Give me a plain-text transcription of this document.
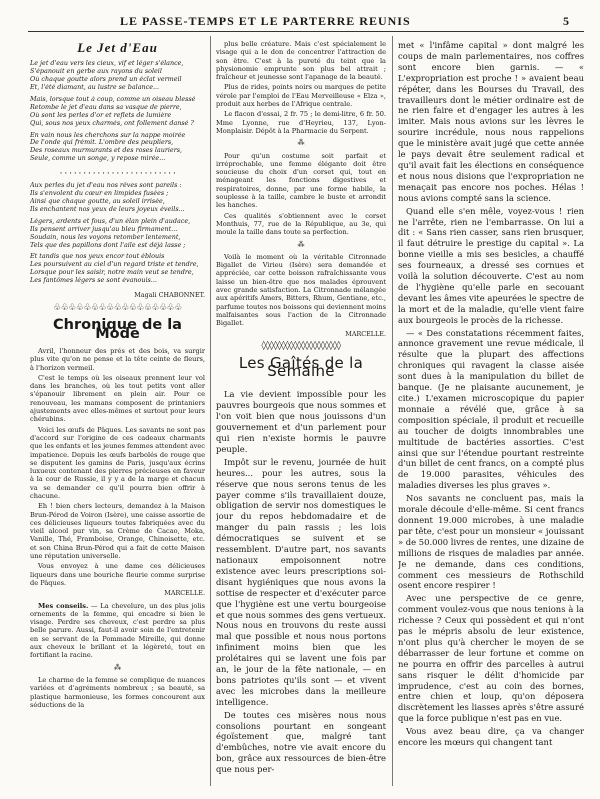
LE PASSE-TEMPS ET LE PARTERRE REUNIS	5
Le Jet d'Eau
Le jet d'eau vers les cieux, vif et léger s'élance,
S'épanouit en gerbe aux rayons du soleil
Où chaque goutte alors prend un éclat vermeil
Et, l'été diamant, au lustre se balance...
Mais, lorsque tout à coup, comme un oiseau blessé
Retombe le jet d'eau dans sa vasque de pierre,
Où sont les perles d'or et reflets de lumière
Qui, sous nos yeux charmés, ont follement dansé ?
En vain nous les cherchons sur la nappe moirée
De l'onde qui frémit. L'ombre des peupliers,
Des roseaux murmurants et des roses lauriers,
Seule, comme un songe, y repose mirée...
· · · · · · · · · · · · · · · · · · · · · · · · ·
Aux perles du jet d'eau nos rêves sont pareils :
Ils s'envolent du cœur en limpides fusées ;
Ainsi que chaque goutte, au soleil irrisée,
Ils enchantent nos yeux de leurs joyeux éveils...
Légers, ardents et fous, d'un élan plein d'audace,
Ils pensent arriver jusqu'au bleu firmament...
Soudain, nous les voyons retomber lentement,
Tels que des papillons dont l'aile est déjà lasse ;
Et tandis que nos yeux encor tout éblouis
Les poursuivent au ciel d'un regard triste et tendre,
Lorsque pour les saisir, notre main veut se tendre,
Les fantômes légers se sont évanouis...
Magali CHABONNET.
♧♧♧♧♧♧♧♧♧♧♧♧♧♧♧♧♧
Chronique de la Mode

Avril, l'honneur des prés et des bois, va surgir plus vite qu'on ne pense et la tête ceinte de fleurs, à l'horizon vermeil.

C'est le temps où les oiseaux prennent leur vol dans les branches, où les tout petits vont aller s'épanouir librement en plein air. Pour ce renouveau, les mamans composent de printaniers ajustements avec elles-mêmes et surtout pour leurs chérubins.

Voici les œufs de Pâques. Les savants ne sont pas d'accord sur l'origine de ces cadeaux charmants que les enfants et les jeunes femmes attendent avec impatience. Depuis les œufs barbolés de rouge que se disputent les gamins de Paris, jusqu'aux écrins luxueux contenant des pierres précieuses en faveur à la cour de Russie, il y y a de la marge et chacun va se demander ce qu'il pourra bien offrir à chacune.

Eh ! bien chers lecteurs, demandez à la Maison Brun-Pérod de Voiron (Isère), une caisse assortie de ces délicieuses liqueurs toutes fabriquées avec du vieil alcool pur vin, sa Crème de Cacao, Moka, Vanille, Thé, Framboise, Orange, Chinoisette, etc. et son China Brun-Pérod qui a fait de cette Maison une réputation universelle.

Vous envoyez à une dame ces délicieuses liqueurs dans une bouriche fleurie comme surprise de Pâques.

MARCELLE.

Mes conseils. — La chevelure, un des plus jolis ornements de la femme, qui encadre si bien le visage. Perdre ses cheveux, c'est perdre sa plus belle parure. Aussi, faut-il avoir soin de l'entretenir en se servant de la Pommade Mireille, qui donne aux cheveux le brillant et la légèreté, tout en fortifiant la racine.

⁂

Le charme de la femme se complique de nuances variées et d'agréments nombreux ; sa beauté, sa plastique harmonieuse, les formes concourent aux séductions de la

plus belle créature. Mais c'est spécialement le visage qui a le don de concentrer l'attraction de son être. C'est à la pureté du teint que la physionomie emprunte son plus bel attrait ; fraîcheur et jeunesse sont l'apanage de la beauté.

Plus de rides, points noirs ou marques de petite vérole par l'emploi de l'Eau Merveilleuse « Elza », produit aux herbes de l'Afrique centrale.

Le flacon d'essai, 2 fr. 75 ; le demi-litre, 6 fr. 50. Mme Lyonne, rue d'Heyrieu, 137, Lyon-Monplaisir. Dépôt à la Pharmacie du Serpent.

⁂

Pour qu'un costume soit parfait et irréprochable, une femme élégante doit être soucieuse du choix d'un corset qui, tout en ménageant les fonctions digestives et respiratoires, donne, par une forme habile, la souplesse à la taille, cambre le buste et arrondit les hanches.

Ces qualités s'obtiennent avec le corset Monthuis, 77, rue de la République, au 3e, qui moule la taille dans toute sa perfection.

⁂

Voilà le moment où la véritable Citronnade Bigallet de Virieu (Isère) sera demandée et appréciée, car cette boisson rafraîchissante vous laisse un bien-être que nos malades éprouvent avec grande satisfaction. La Citronnade mélangée aux apéritifs Amers, Bitters, Rhum, Gentiane, etc., parfume toutes nos boissons qui deviennent moins malfaisantes sous l'action de la Citronnade Bigallet.

MARCELLE.
◊◊◊◊◊◊◊◊◊◊◊◊◊◊◊◊◊◊◊◊
Les Gaîtés de la Semaine

La vie devient impossible pour les pauvres bourgeois que nous sommes et l'on voit bien que nous jouissons d'un gouvernement et d'un parlement pour qui rien n'existe hormis le pauvre peuple.

Impôt sur le revenu, journée de huit heures... pour les autres, sous la réserve que nous serons tenus de les payer comme s'ils travaillaient douze, obligation de servir nos domestiques le jour du repos hebdomadaire et de manger du pain rassis ; les lois démocratiques se suivent et se ressemblent. D'autre part, nos savants nationaux empoisonnent notre existence avec leurs prescriptions soi-disant hygiéniques que nous avons la sottise de respecter et d'exécuter parce que l'hygiène est une vertu bourgeoise et que nous sommes des gens vertueux. Nous nous en trouvons du reste aussi mal que possible et nous nous portons infiniment moins bien que les prolétaires qui se lavent une fois par an, le jour de la fête nationale, — en bons patriotes qu'ils sont — et vivent avec les microbes dans la meilleure intelligence.

De toutes ces misères nous nous consolions pourtant en songeant égoïstement que, malgré tant d'embûches, notre vie avait encore du bon, grâce aux ressources de bien-être que nous per-

met « l'infâme capital » dont malgré les coups de main parlementaires, nos coffres sont encore bien garnis. — « L'expropriation est proche ! » avaient beau répéter, dans les Bourses du Travail, des travailleurs dont le métier ordinaire est de ne rien faire et d'engager les autres à les imiter. Mais nous avions sur les lèvres le sourire incrédule, nous nous rappelions que le ministère avait jugé que cette année le pays devait être seulement radical et qu'il avait fait les élections en conséquence et nous nous disions que l'expropriation ne menaçait pas encore nos poches. Hélas ! nous avions compté sans la science.

Quand elle s'en mêle, voyez-vous ! rien ne l'arrête, rien ne l'embarrasse. On lui a dit : « Sans rien casser, sans rien brusquer, il faut détruire le prestige du capital ». La bonne vieille a mis ses besicles, a chauffé ses fourneaux, a dressé ses cornues et voilà la solution découverte. C'est au nom de l'hygiène qu'elle parle en secouant devant les âmes vite apeurées le spectre de la mort et de la maladie, qu'elle vient faire aux bourgeois le procès de la richesse.

— « Des constatations récemment faites, annonce gravement une revue médicale, il résulte que la plupart des affections chroniques qui ravagent la classe aisée sont dues à la manipulation du billet de banque. (Je ne plaisante aucunement, je cite.) L'examen microscopique du papier monnaie a révélé que, grâce à sa composition spéciale, il produit et recueille au toucher de doigts innombrables une multitude de bactéries assorties. C'est ainsi que sur l'étendue pourtant restreinte d'un billet de cent francs, on a compté plus de 19.000 parasites, véhicules des maladies diverses les plus graves ».

Nos savants ne concluent pas, mais la morale découle d'elle-même. Si cent francs donnent 19.000 microbes, à une maladie par tête, c'est pour un monsieur « jouissant » de 50.000 livres de rentes, une dizaine de millions de risques de maladies par année. Je ne demande, dans ces conditions, comment ces messieurs de Rothschild osent encore respirer !

Avec une perspective de ce genre, comment voulez-vous que nous tenions à la richesse ? Ceux qui possèdent et qui n'ont pas le mépris absolu de leur existence, n'ont plus qu'à chercher le moyen de se débarrasser de leur fortune et comme on ne pourra en offrir des parcelles à autrui sans risquer le délit d'homicide par imprudence, c'est au coin des bornes, entre chien et loup, qu'on déposera discrètement les liasses après s'être assuré que la force publique n'est pas en vue.

Vous avez beau dire, ça va changer encore les mœurs qui changent tant
